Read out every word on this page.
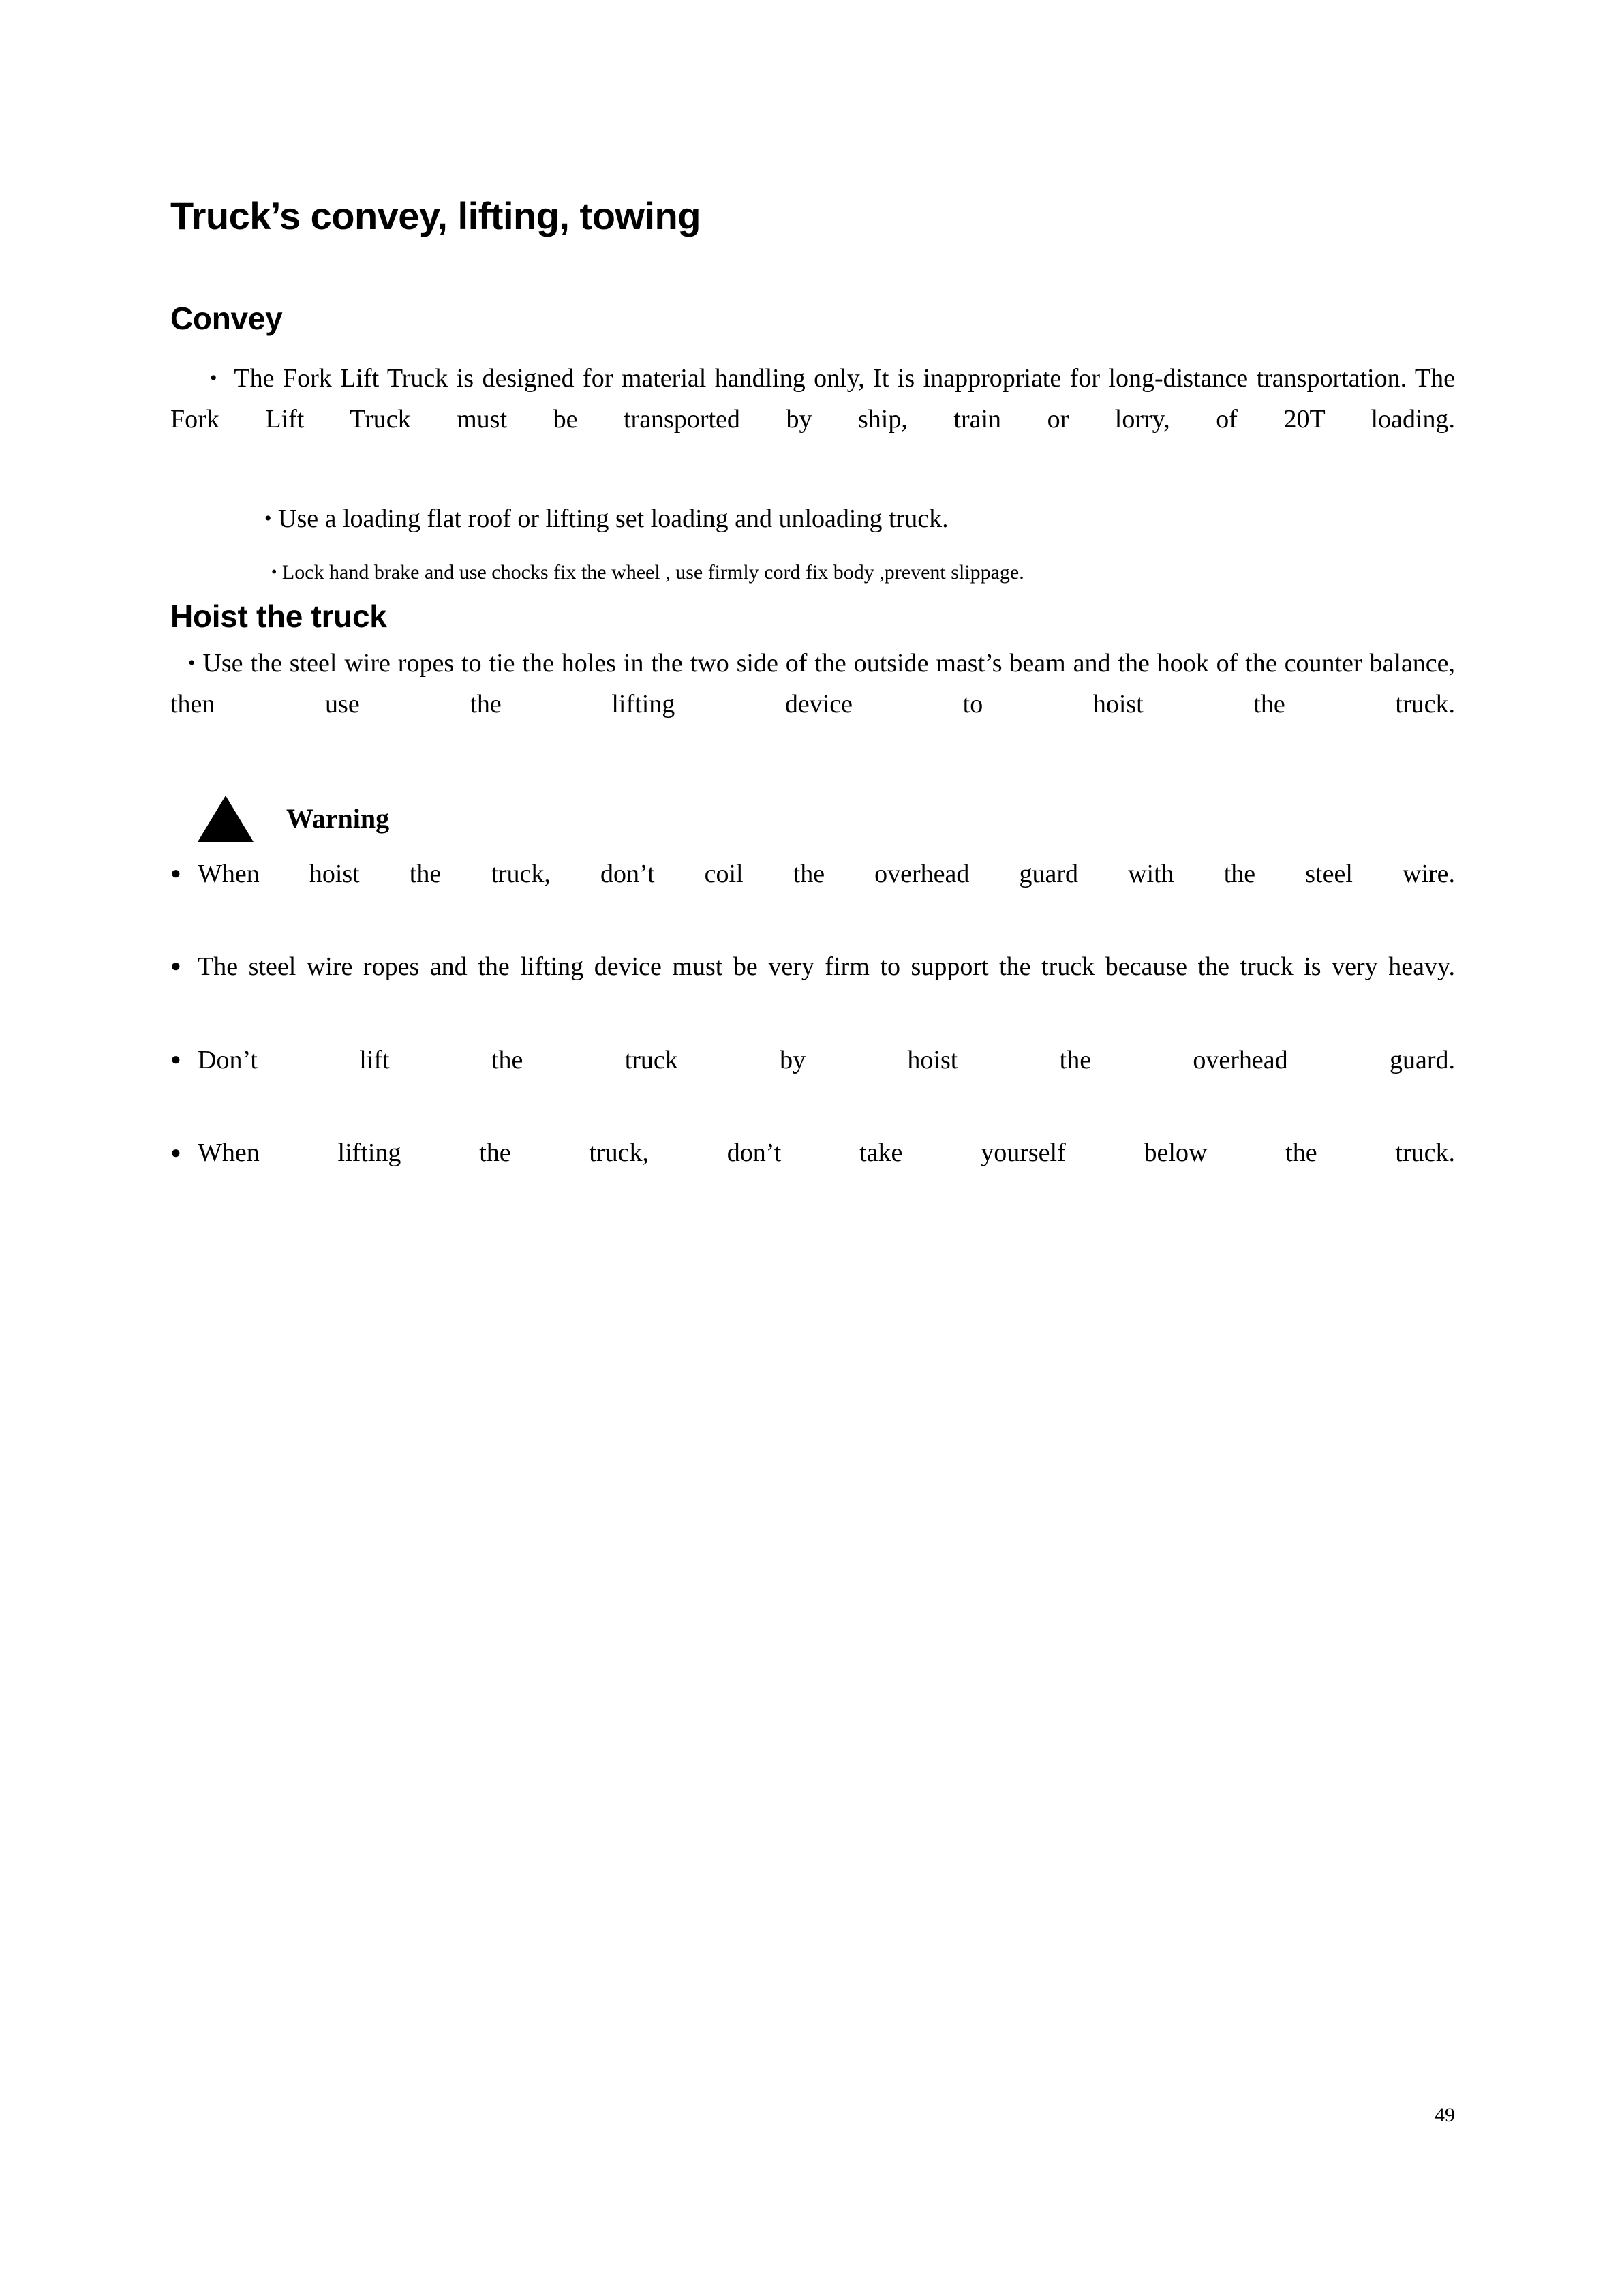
Truck’s convey, lifting, towing
Convey

• The Fork Lift Truck is designed for material handling only, It is inappropriate for long-distance transportation. The Fork Lift Truck must be transported by ship, train or lorry, of 20T loading.

• Use a loading flat roof or lifting set loading and unloading truck.

• Lock hand brake and use chocks fix the wheel , use firmly cord fix body ,prevent slippage.

Hoist the truck

• Use the steel wire ropes to tie the holes in the two side of the outside mast’s beam and the hook of the counter balance, then use the lifting device to hoist the truck.

Warning

● When hoist the truck, don’t coil the overhead guard with the steel wire.

● The steel wire ropes and the lifting device must be very firm to support the truck because the truck is very heavy.

● Don’t lift the truck by hoist the overhead guard.

● When lifting the truck, don’t take yourself below the truck.

49
